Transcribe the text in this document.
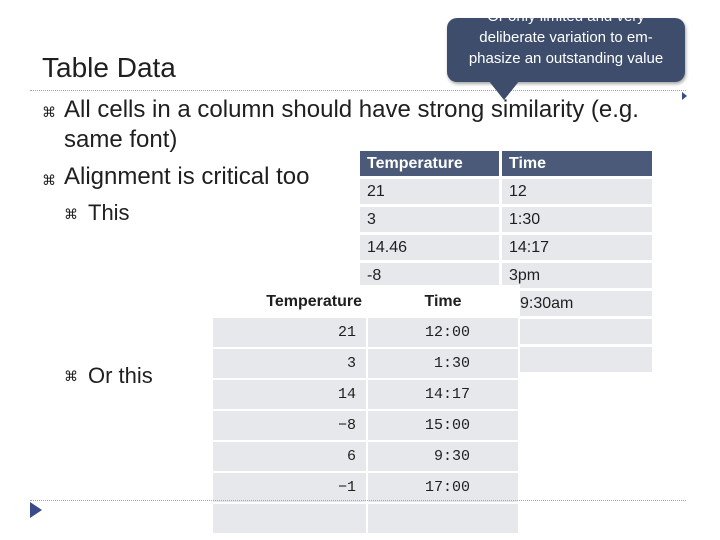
Table Data
⌘ All cells in a column should have strong similarity (e.g. same font)
⌘ Alignment is critical too
⌘ This
⌘ Or this
Temperature	Time
21	12
3	1:30
14.46	14:17
-8	3pm
	9:30am

Temperature	Time
21	12:00
3	1:30
14	14:17
−8	15:00
6	9:30
−1	17:00

Or only limited and very deliberate variation to em-phasize an outstanding value
